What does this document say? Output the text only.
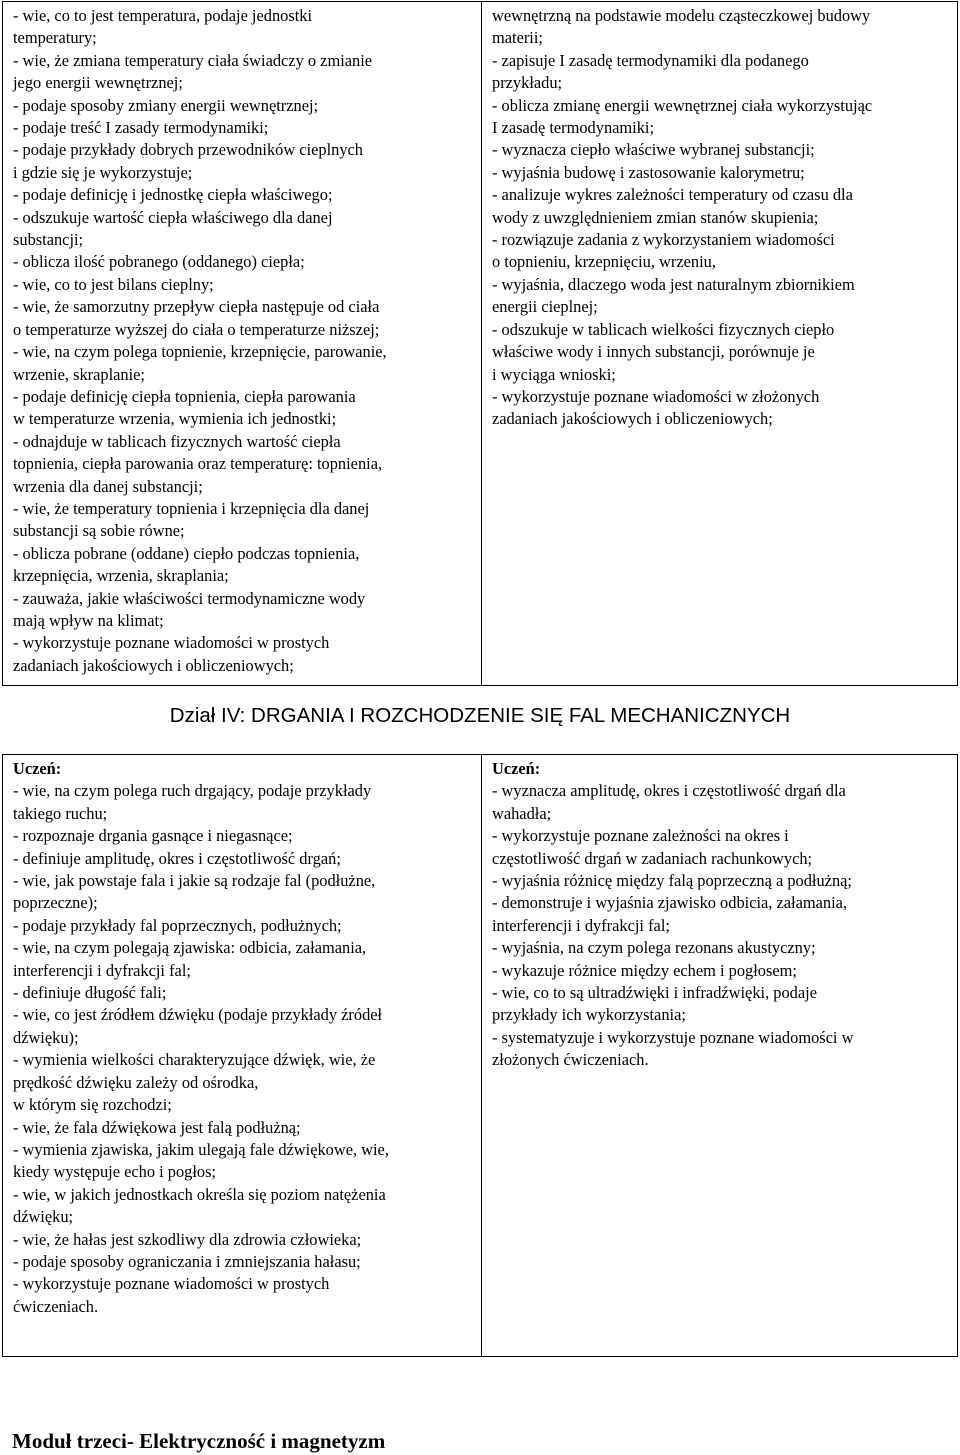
- wie, co to jest temperatura, podaje jednostki
temperatury;
- wie, że zmiana temperatury ciała świadczy o zmianie
jego energii wewnętrznej;
- podaje sposoby zmiany energii wewnętrznej;
- podaje treść I zasady termodynamiki;
- podaje przykłady dobrych przewodników cieplnych
i gdzie się je wykorzystuje;
- podaje definicję i jednostkę ciepła właściwego;
- odszukuje wartość ciepła właściwego dla danej
substancji;
- oblicza ilość pobranego (oddanego) ciepła;
- wie, co to jest bilans cieplny;
- wie, że samorzutny przepływ ciepła następuje od ciała
o temperaturze wyższej do ciała o temperaturze niższej;
- wie, na czym polega topnienie, krzepnięcie, parowanie,
wrzenie, skraplanie;
- podaje definicję ciepła topnienia, ciepła parowania
w temperaturze wrzenia, wymienia ich jednostki;
- odnajduje w tablicach fizycznych wartość ciepła
topnienia, ciepła parowania oraz temperaturę: topnienia,
wrzenia dla danej substancji;
- wie, że temperatury topnienia i krzepnięcia dla danej
substancji są sobie równe;
- oblicza pobrane (oddane) ciepło podczas topnienia,
krzepnięcia, wrzenia, skraplania;
- zauważa, jakie właściwości termodynamiczne wody
mają wpływ na klimat;
- wykorzystuje poznane wiadomości w prostych
zadaniach jakościowych i obliczeniowych;

wewnętrzną na podstawie modelu cząsteczkowej budowy
materii;
- zapisuje I zasadę termodynamiki dla podanego
przykładu;
- oblicza zmianę energii wewnętrznej ciała wykorzystując
I zasadę termodynamiki;
- wyznacza ciepło właściwe wybranej substancji;
- wyjaśnia budowę i zastosowanie kalorymetru;
- analizuje wykres zależności temperatury od czasu dla
wody z uwzględnieniem zmian stanów skupienia;
- rozwiązuje zadania z wykorzystaniem wiadomości
o topnieniu, krzepnięciu, wrzeniu,
- wyjaśnia, dlaczego woda jest naturalnym zbiornikiem
energii cieplnej;
- odszukuje w tablicach wielkości fizycznych ciepło
właściwe wody i innych substancji, porównuje je
i wyciąga wnioski;
- wykorzystuje poznane wiadomości w złożonych
zadaniach jakościowych i obliczeniowych;
Dział IV: DRGANIA I ROZCHODZENIE SIĘ FAL MECHANICZNYCH
Uczeń:
- wie, na czym polega ruch drgający, podaje przykłady
takiego ruchu;
- rozpoznaje drgania gasnące i niegasnące;
- definiuje amplitudę, okres i częstotliwość drgań;
- wie, jak powstaje fala i jakie są rodzaje fal (podłużne,
poprzeczne);
- podaje przykłady fal poprzecznych, podłużnych;
- wie, na czym polegają zjawiska: odbicia, załamania,
interferencji i dyfrakcji fal;
- definiuje długość fali;
- wie, co jest źródłem dźwięku (podaje przykłady źródeł
dźwięku);
- wymienia wielkości charakteryzujące dźwięk, wie, że
prędkość dźwięku zależy od ośrodka,
w którym się rozchodzi;
- wie, że fala dźwiękowa jest falą podłużną;
- wymienia zjawiska, jakim ulegają fale dźwiękowe, wie,
kiedy występuje echo i pogłos;
- wie, w jakich jednostkach określa się poziom natężenia
dźwięku;
- wie, że hałas jest szkodliwy dla zdrowia człowieka;
- podaje sposoby ograniczania i zmniejszania hałasu;
- wykorzystuje poznane wiadomości w prostych
ćwiczeniach.

Uczeń:
- wyznacza amplitudę, okres i częstotliwość drgań dla
wahadła;
- wykorzystuje poznane zależności na okres i
częstotliwość drgań w zadaniach rachunkowych;
- wyjaśnia różnicę między falą poprzeczną a podłużną;
- demonstruje i wyjaśnia zjawisko odbicia, załamania,
interferencji i dyfrakcji fal;
- wyjaśnia, na czym polega rezonans akustyczny;
- wykazuje różnice między echem i pogłosem;
- wie, co to są ultradźwięki i infradźwięki, podaje
przykłady ich wykorzystania;
- systematyzuje i wykorzystuje poznane wiadomości w
złożonych ćwiczeniach.
Moduł trzeci- Elektryczność i magnetyzm
